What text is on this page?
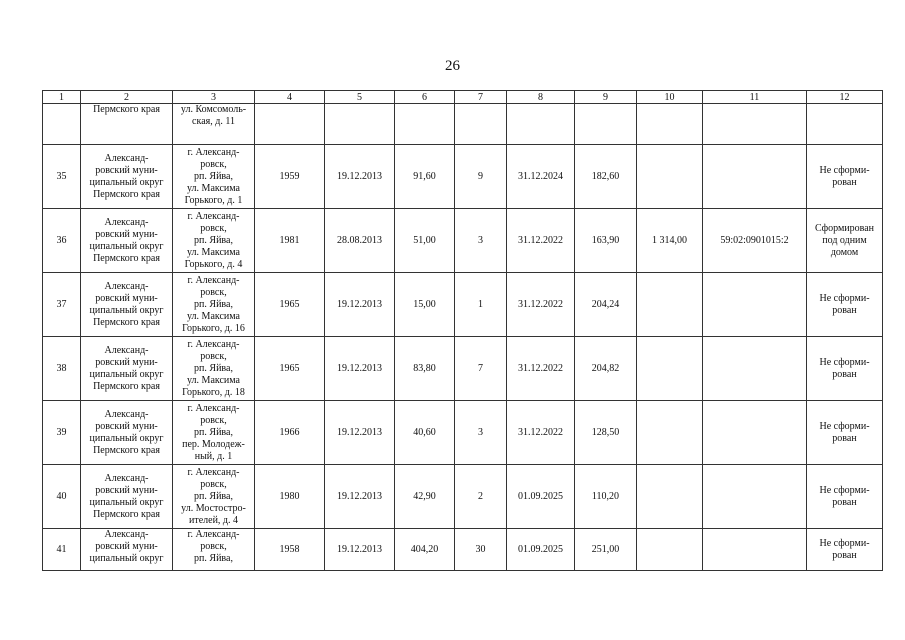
26
1	2	3	4	5	6	7	8	9	10	11	12
	Пермского края	ул. Комсомоль-
ская, д. 11									
35	Александ-
ровский муни-
ципальный округ
Пермского края	г. Александ-
ровск,
рп. Яйва,
ул. Максима
Горького, д. 1	1959	19.12.2013	91,60	9	31.12.2024	182,60			Не сформи-
рован
36	Александ-
ровский муни-
ципальный округ
Пермского края	г. Александ-
ровск,
рп. Яйва,
ул. Максима
Горького, д. 4	1981	28.08.2013	51,00	3	31.12.2022	163,90	1 314,00	59:02:0901015:2	Сформирован
под одним
домом
37	Александ-
ровский муни-
ципальный округ
Пермского края	г. Александ-
ровск,
рп. Яйва,
ул. Максима
Горького, д. 16	1965	19.12.2013	15,00	1	31.12.2022	204,24			Не сформи-
рован
38	Александ-
ровский муни-
ципальный округ
Пермского края	г. Александ-
ровск,
рп. Яйва,
ул. Максима
Горького, д. 18	1965	19.12.2013	83,80	7	31.12.2022	204,82			Не сформи-
рован
39	Александ-
ровский муни-
ципальный округ
Пермского края	г. Александ-
ровск,
рп. Яйва,
пер. Молодеж-
ный, д. 1	1966	19.12.2013	40,60	3	31.12.2022	128,50			Не сформи-
рован
40	Александ-
ровский муни-
ципальный округ
Пермского края	г. Александ-
ровск,
рп. Яйва,
ул. Мостостро-
ителей, д. 4	1980	19.12.2013	42,90	2	01.09.2025	110,20			Не сформи-
рован
41	Александ-
ровский муни-
ципальный округ	г. Александ-
ровск,
рп. Яйва,	1958	19.12.2013	404,20	30	01.09.2025	251,00			Не сформи-
рован
